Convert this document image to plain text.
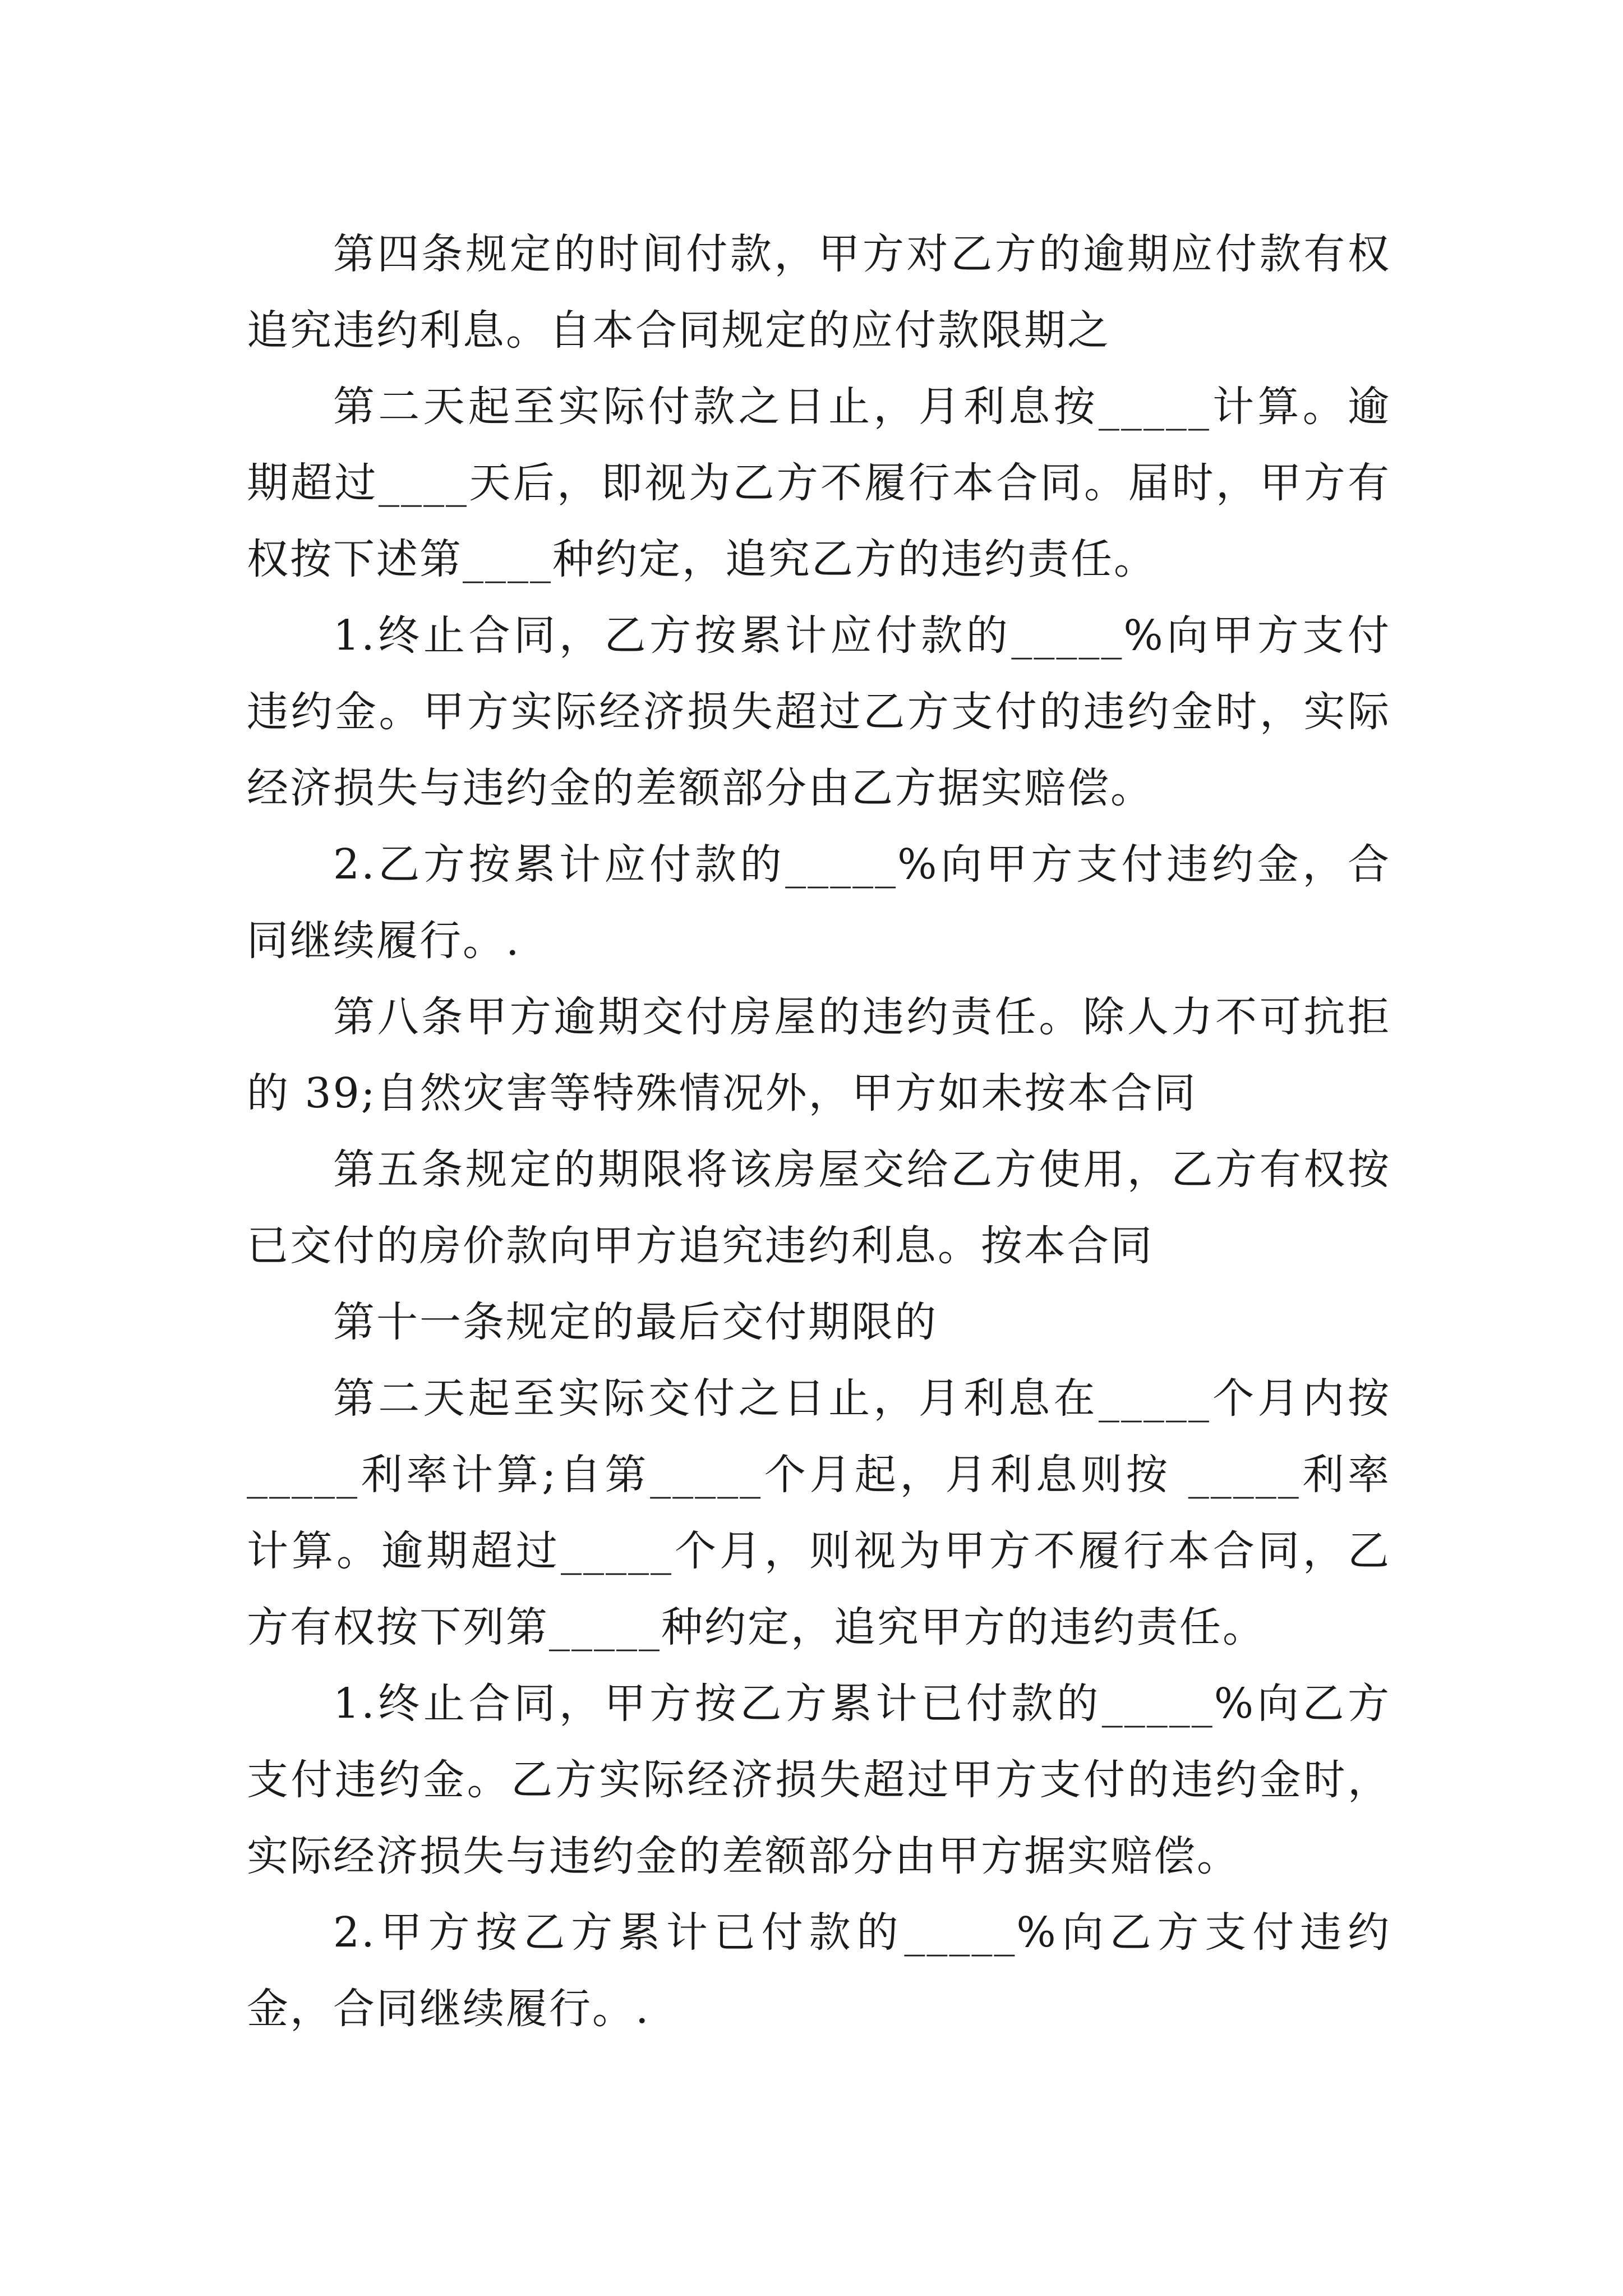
第四条规定的时间付款，甲方对乙方的逾期应付款有权追究违约利息。自本合同规定的应付款限期之

第二天起至实际付款之日止，月利息按_____计算。逾期超过____天后，即视为乙方不履行本合同。届时，甲方有权按下述第____种约定，追究乙方的违约责任。

1.终止合同，乙方按累计应付款的_____%向甲方支付违约金。甲方实际经济损失超过乙方支付的违约金时，实际经济损失与违约金的差额部分由乙方据实赔偿。

2.乙方按累计应付款的_____%向甲方支付违约金，合同继续履行。.

第八条甲方逾期交付房屋的违约责任。除人力不可抗拒的 39;自然灾害等特殊情况外，甲方如未按本合同

第五条规定的期限将该房屋交给乙方使用，乙方有权按已交付的房价款向甲方追究违约利息。按本合同

第十一条规定的最后交付期限的

第二天起至实际交付之日止，月利息在_____个月内按_____利率计算;自第_____个月起，月利息则按 _____利率计算。逾期超过_____个月，则视为甲方不履行本合同，乙方有权按下列第_____种约定，追究甲方的违约责任。

1.终止合同，甲方按乙方累计已付款的_____%向乙方支付违约金。乙方实际经济损失超过甲方支付的违约金时，实际经济损失与违约金的差额部分由甲方据实赔偿。

2.甲方按乙方累计已付款的_____%向乙方支付违约金，合同继续履行。.
